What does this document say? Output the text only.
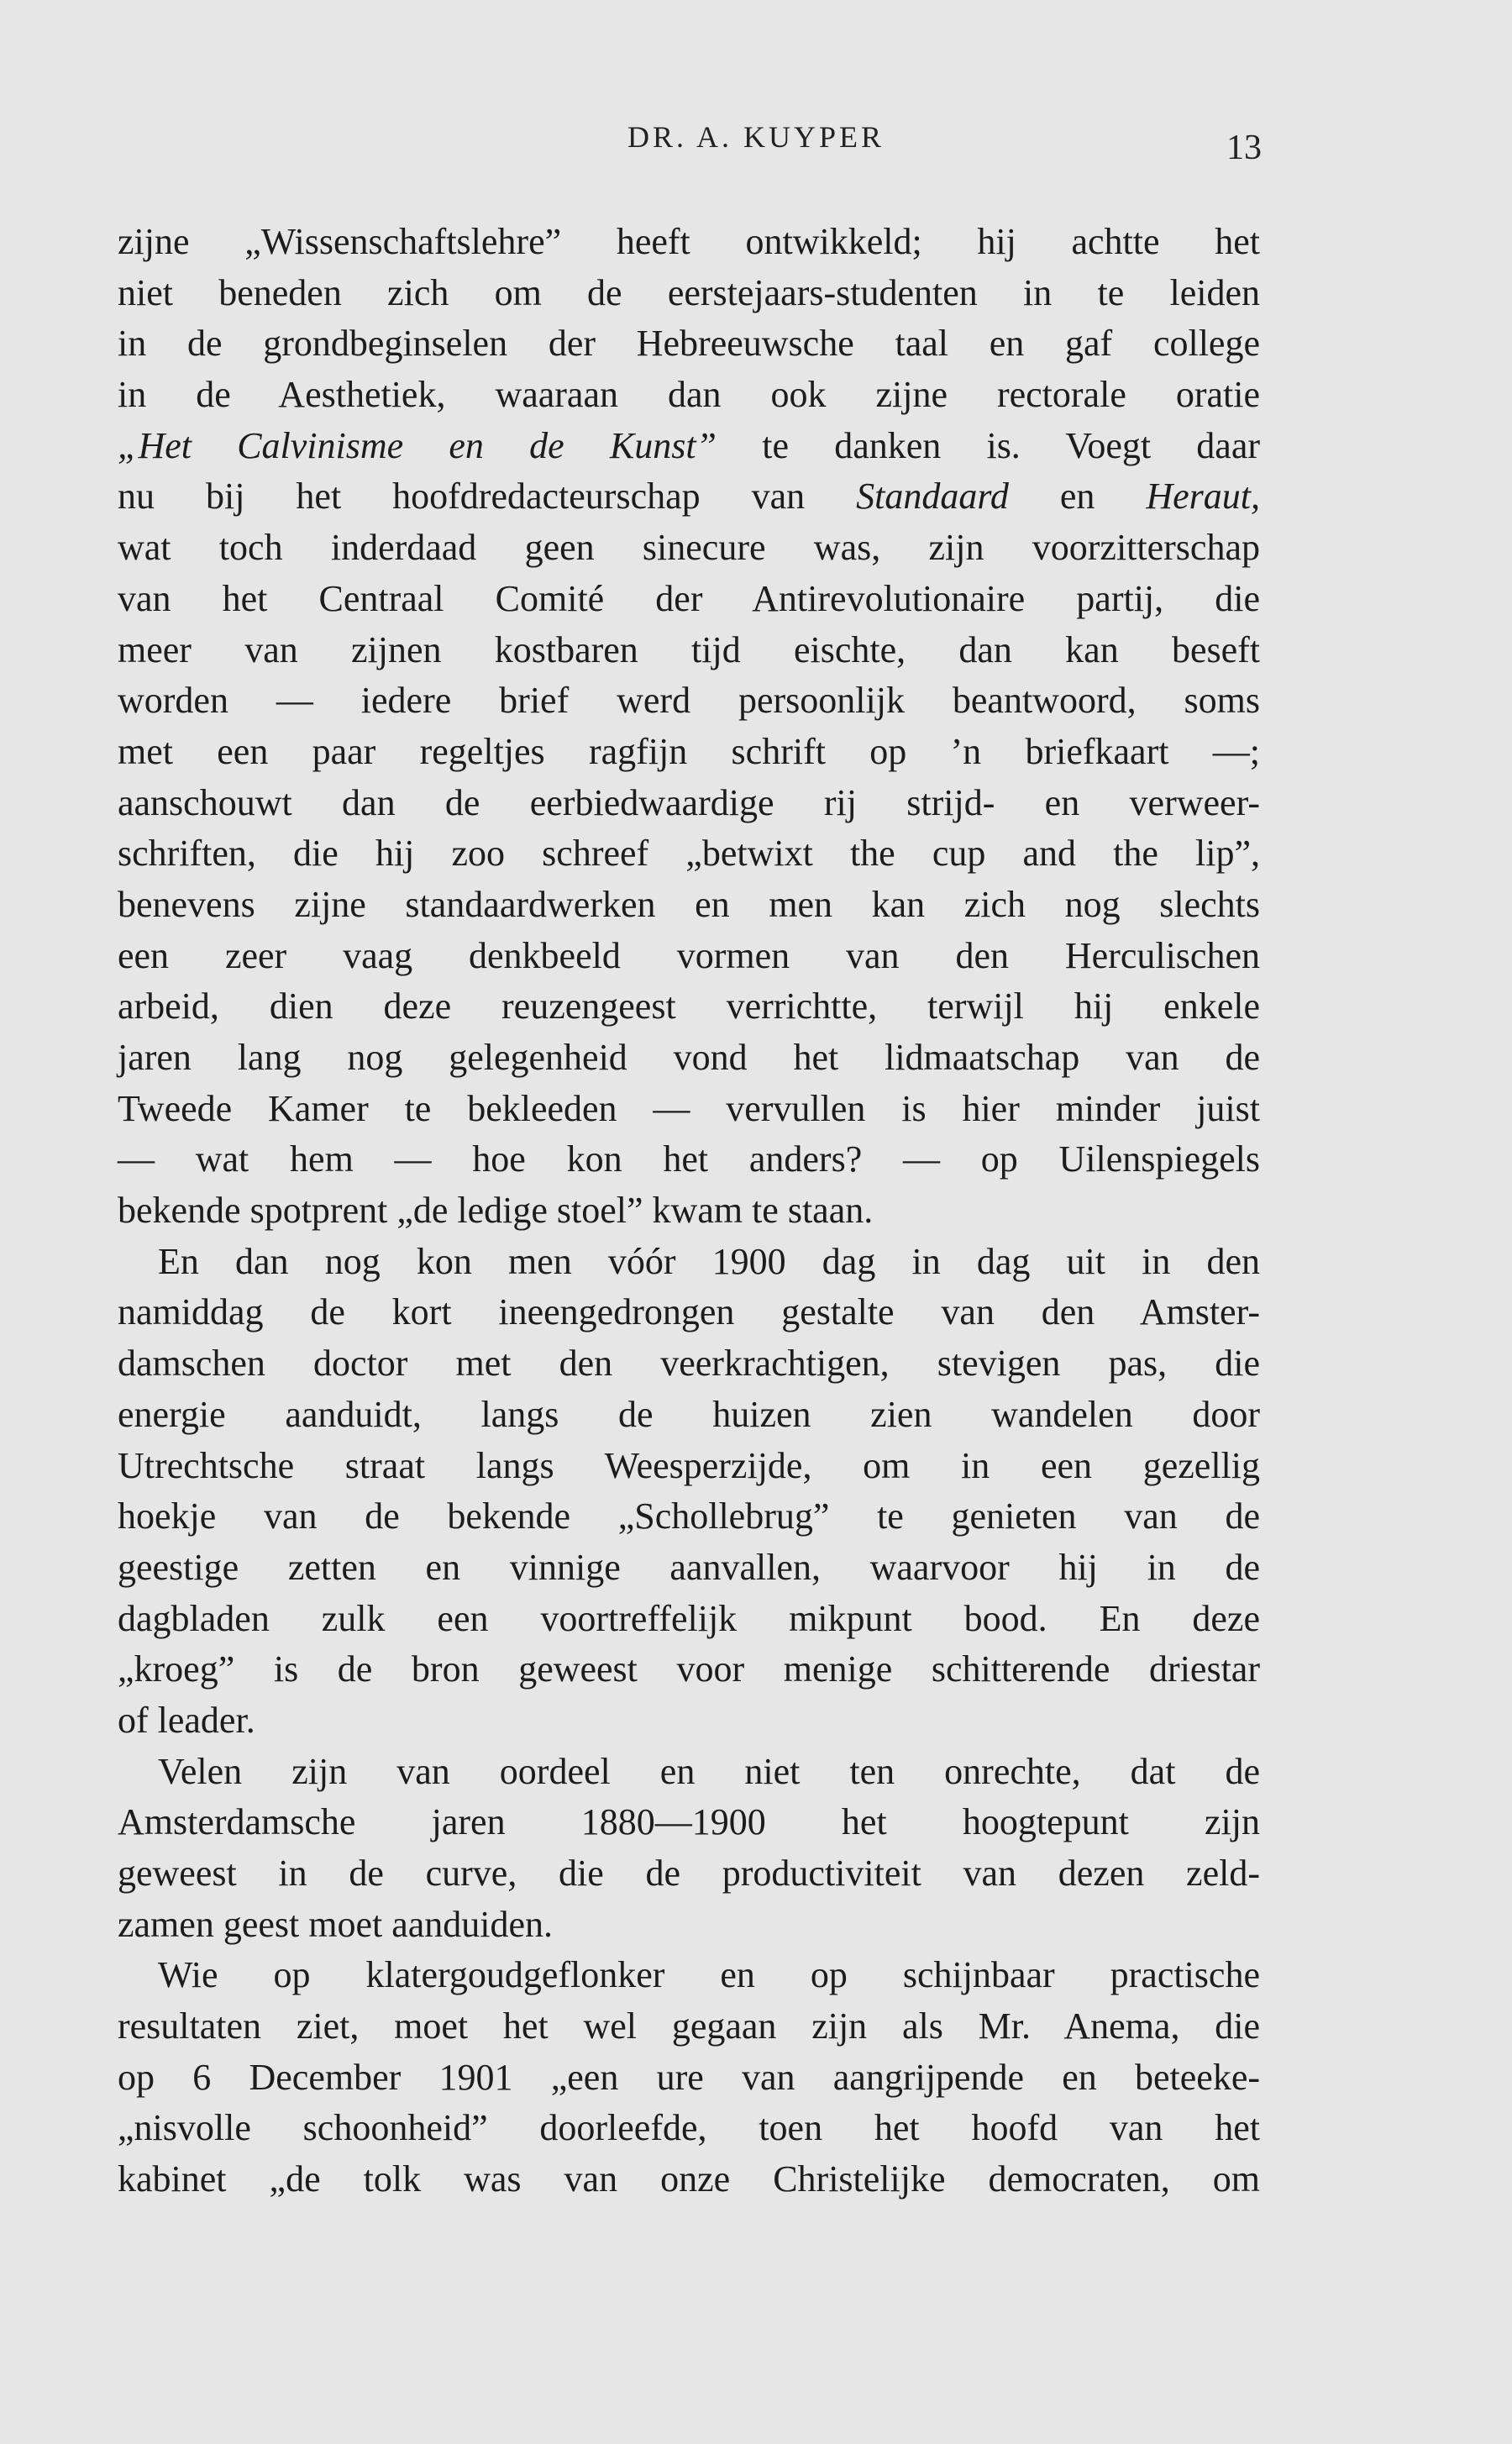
DR. A. KUYPER	13
zijne „Wissenschaftslehre” heeft ontwikkeld; hij achtte het
niet beneden zich om de eerstejaars-studenten in te leiden
in de grondbeginselen der Hebreeuwsche taal en gaf college
in de Aesthetiek, waaraan dan ook zijne rectorale oratie
„Het Calvinisme en de Kunst” te danken is. Voegt daar
nu bij het hoofdredacteurschap van Standaard en Heraut,
wat toch inderdaad geen sinecure was, zijn voorzitterschap
van het Centraal Comité der Antirevolutionaire partij, die
meer van zijnen kostbaren tijd eischte, dan kan beseft
worden — iedere brief werd persoonlijk beantwoord, soms
met een paar regeltjes ragfijn schrift op ’n briefkaart —;
aanschouwt dan de eerbiedwaardige rij strijd- en verweer-
schriften, die hij zoo schreef „betwixt the cup and the lip”,
benevens zijne standaardwerken en men kan zich nog slechts
een zeer vaag denkbeeld vormen van den Herculischen
arbeid, dien deze reuzengeest verrichtte, terwijl hij enkele
jaren lang nog gelegenheid vond het lidmaatschap van de
Tweede Kamer te bekleeden — vervullen is hier minder juist
— wat hem — hoe kon het anders? — op Uilenspiegels
bekende spotprent „de ledige stoel” kwam te staan.
En dan nog kon men vóór 1900 dag in dag uit in den
namiddag de kort ineengedrongen gestalte van den Amster-
damschen doctor met den veerkrachtigen, stevigen pas, die
energie aanduidt, langs de huizen zien wandelen door
Utrechtsche straat langs Weesperzijde, om in een gezellig
hoekje van de bekende „Schollebrug” te genieten van de
geestige zetten en vinnige aanvallen, waarvoor hij in de
dagbladen zulk een voortreffelijk mikpunt bood. En deze
„kroeg” is de bron geweest voor menige schitterende driestar
of leader.
Velen zijn van oordeel en niet ten onrechte, dat de
Amsterdamsche jaren 1880—1900 het hoogtepunt zijn
geweest in de curve, die de productiviteit van dezen zeld-
zamen geest moet aanduiden.
Wie op klatergoudgeflonker en op schijnbaar practische
resultaten ziet, moet het wel gegaan zijn als Mr. Anema, die
op 6 December 1901 „een ure van aangrijpende en beteeke-
„nisvolle schoonheid” doorleefde, toen het hoofd van het
kabinet „de tolk was van onze Christelijke democraten, om
